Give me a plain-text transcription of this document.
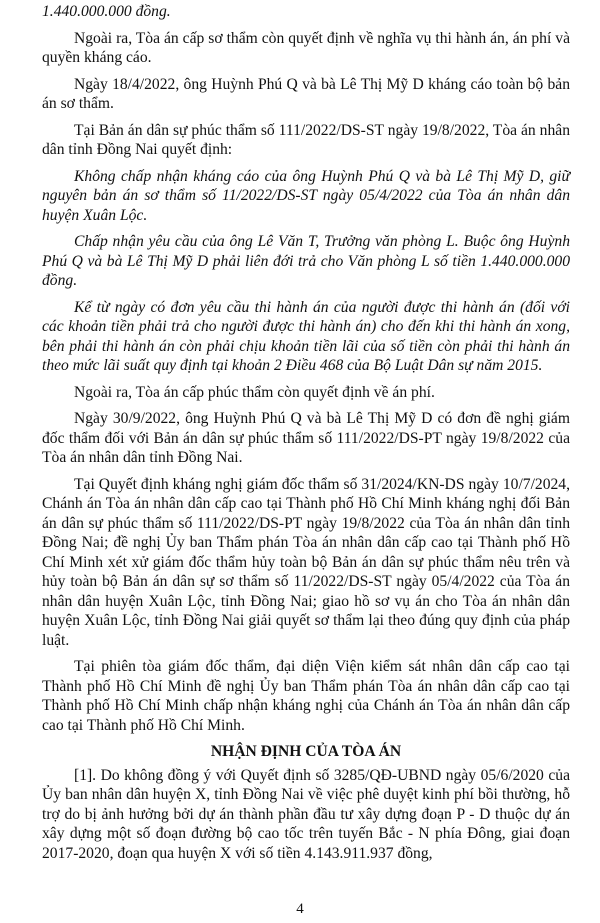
1.440.000.000 đồng.

Ngoài ra, Tòa án cấp sơ thẩm còn quyết định về nghĩa vụ thi hành án, án phí và quyền kháng cáo.

Ngày 18/4/2022, ông Huỳnh Phú Q và bà Lê Thị Mỹ D kháng cáo toàn bộ bản án sơ thẩm.

Tại Bản án dân sự phúc thẩm số 111/2022/DS-ST ngày 19/8/2022, Tòa án nhân dân tỉnh Đồng Nai quyết định:

Không chấp nhận kháng cáo của ông Huỳnh Phú Q và bà Lê Thị Mỹ D, giữ nguyên bản án sơ thẩm số 11/2022/DS-ST ngày 05/4/2022 của Tòa án nhân dân huyện Xuân Lộc.

Chấp nhận yêu cầu của ông Lê Văn T, Trưởng văn phòng L. Buộc ông Huỳnh Phú Q và bà Lê Thị Mỹ D phải liên đới trả cho Văn phòng L số tiền 1.440.000.000 đồng.

Kể từ ngày có đơn yêu cầu thi hành án của người được thi hành án (đối với các khoản tiền phải trả cho người được thi hành án) cho đến khi thi hành án xong, bên phải thi hành án còn phải chịu khoản tiền lãi của số tiền còn phải thi hành án theo mức lãi suất quy định tại khoản 2 Điều 468 của Bộ Luật Dân sự năm 2015.

Ngoài ra, Tòa án cấp phúc thẩm còn quyết định về án phí.

Ngày 30/9/2022, ông Huỳnh Phú Q và bà Lê Thị Mỹ D có đơn đề nghị giám đốc thẩm đối với Bản án dân sự phúc thẩm số 111/2022/DS-PT ngày 19/8/2022 của Tòa án nhân dân tỉnh Đồng Nai.

Tại Quyết định kháng nghị giám đốc thẩm số 31/2024/KN-DS ngày 10/7/2024, Chánh án Tòa án nhân dân cấp cao tại Thành phố Hồ Chí Minh kháng nghị đối Bản án dân sự phúc thẩm số 111/2022/DS-PT ngày 19/8/2022 của Tòa án nhân dân tỉnh Đồng Nai; đề nghị Ủy ban Thẩm phán Tòa án nhân dân cấp cao tại Thành phố Hồ Chí Minh xét xử giám đốc thẩm hủy toàn bộ Bản án dân sự phúc thẩm nêu trên và hủy toàn bộ Bản án dân sự sơ thẩm số 11/2022/DS-ST ngày 05/4/2022 của Tòa án nhân dân huyện Xuân Lộc, tỉnh Đồng Nai; giao hồ sơ vụ án cho Tòa án nhân dân huyện Xuân Lộc, tỉnh Đồng Nai giải quyết sơ thẩm lại theo đúng quy định của pháp luật.

Tại phiên tòa giám đốc thẩm, đại diện Viện kiểm sát nhân dân cấp cao tại Thành phố Hồ Chí Minh đề nghị Ủy ban Thẩm phán Tòa án nhân dân cấp cao tại Thành phố Hồ Chí Minh chấp nhận kháng nghị của Chánh án Tòa án nhân dân cấp cao tại Thành phố Hồ Chí Minh.

NHẬN ĐỊNH CỦA TÒA ÁN

[1]. Do không đồng ý với Quyết định số 3285/QĐ-UBND ngày 05/6/2020 của Ủy ban nhân dân huyện X, tỉnh Đồng Nai về việc phê duyệt kinh phí bồi thường, hỗ trợ do bị ảnh hưởng bởi dự án thành phần đầu tư xây dựng đoạn P - D thuộc dự án xây dựng một số đoạn đường bộ cao tốc trên tuyến Bắc - N phía Đông, giai đoạn 2017-2020, đoạn qua huyện X với số tiền 4.143.911.937 đồng,

4
